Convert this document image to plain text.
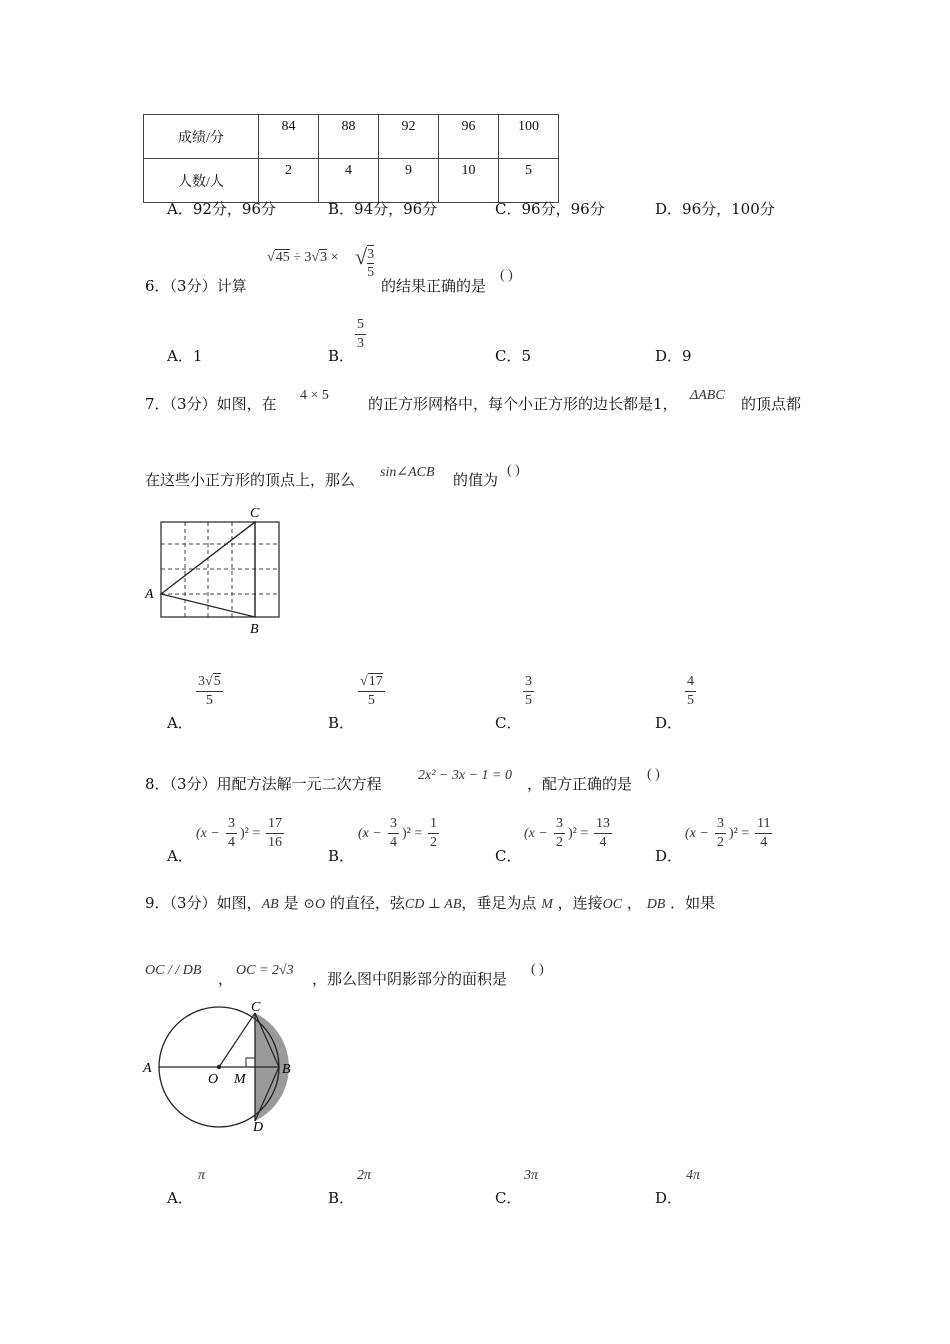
成绩/分	84	88	92	96	100
人数/人	2	4	9	10	5
A．92分，96分	B．94分，96分	C．96分，96分	D．96分，100分
6．（3分）计算
√45 ÷ 3√3 × √ $\frac{3}{5}$
的结果正确的是
( )
A．1	B．
$\frac{5}{3}$
C．5	D．9
7．（3分）如图，在 4 × 5	的正方形网格中，每个小正方形的边长都是1， ΔABC 的顶点都
在这些小正方形的顶点上，那么 sin∠ACB 的值为
( )
A
B
C
A．
$\frac{3√5}{5}$
B．
$\frac{√17}{5}$
C．
$\frac{3}{5}$
D．
$\frac{4}{5}$
8．（3分）用配方法解一元二次方程	2x² − 3x − 1 = 0 ，配方正确的是
( )
A．
$(x - \frac{3}{4} )^2 = \frac{17}{16}$
B．
$(x - \frac{3}{4} )^2 = \frac{1}{2}$
C．
$(x - \frac{3}{2} )^2 = \frac{13}{4}$
D．
$(x - \frac{3}{2} )^2 = \frac{11}{4}$
9．（3分）如图，AB 是 ⊙O 的直径，弦CD ⊥ AB，垂足为点 M ，连接OC ， DB ．如果
OC / / DB ， OC = 2√3 ，那么图中阴影部分的面积是
( )
A
O M
B
C
D
A．
π
B．
2π
C．
3π
D．
4π
